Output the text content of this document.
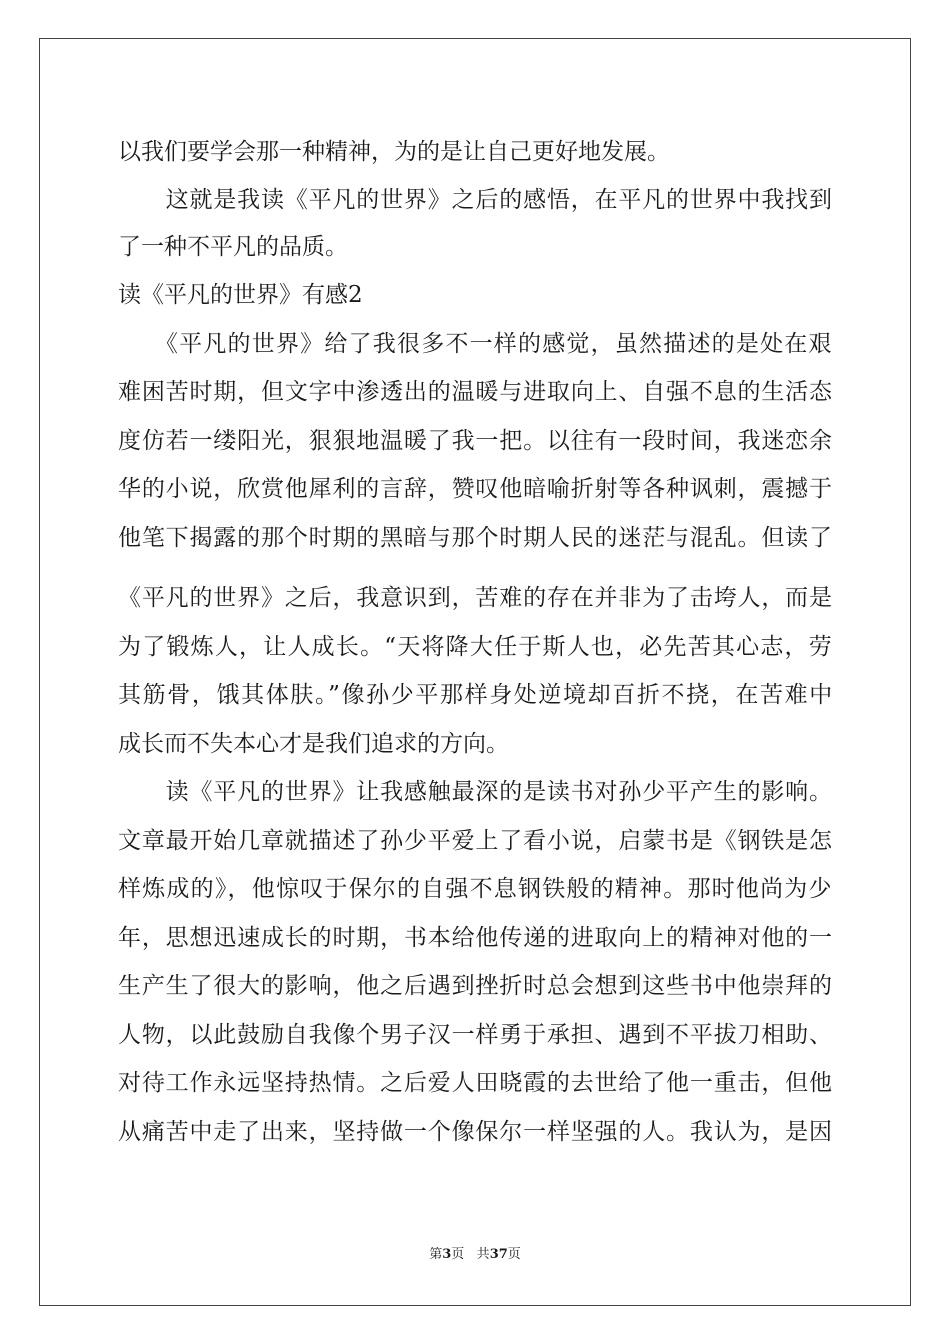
以我们要学会那一种精神，为的是让自己更好地发展。
　　这就是我读《平凡的世界》之后的感悟，在平凡的世界中我找到
了一种不平凡的品质。
读《平凡的世界》有感2
　　《平凡的世界》给了我很多不一样的感觉，虽然描述的是处在艰
难困苦时期，但文字中渗透出的温暖与进取向上、自强不息的生活态
度仿若一缕阳光，狠狠地温暖了我一把。以往有一段时间，我迷恋余
华的小说，欣赏他犀利的言辞，赞叹他暗喻折射等各种讽刺，震撼于
他笔下揭露的那个时期的黑暗与那个时期人民的迷茫与混乱。但读了
《平凡的世界》之后，我意识到，苦难的存在并非为了击垮人，而是
为了锻炼人，让人成长。“天将降大任于斯人也，必先苦其心志，劳
其筋骨，饿其体肤。”像孙少平那样身处逆境却百折不挠，在苦难中
成长而不失本心才是我们追求的方向。
　　读《平凡的世界》让我感触最深的是读书对孙少平产生的影响。
文章最开始几章就描述了孙少平爱上了看小说，启蒙书是《钢铁是怎
样炼成的》，他惊叹于保尔的自强不息钢铁般的精神。那时他尚为少
年，思想迅速成长的时期，书本给他传递的进取向上的精神对他的一
生产生了很大的影响，他之后遇到挫折时总会想到这些书中他崇拜的
人物，以此鼓励自我像个男子汉一样勇于承担、遇到不平拔刀相助、
对待工作永远坚持热情。之后爱人田晓霞的去世给了他一重击，但他
从痛苦中走了出来，坚持做一个像保尔一样坚强的人。我认为，是因
第3页 共37页
